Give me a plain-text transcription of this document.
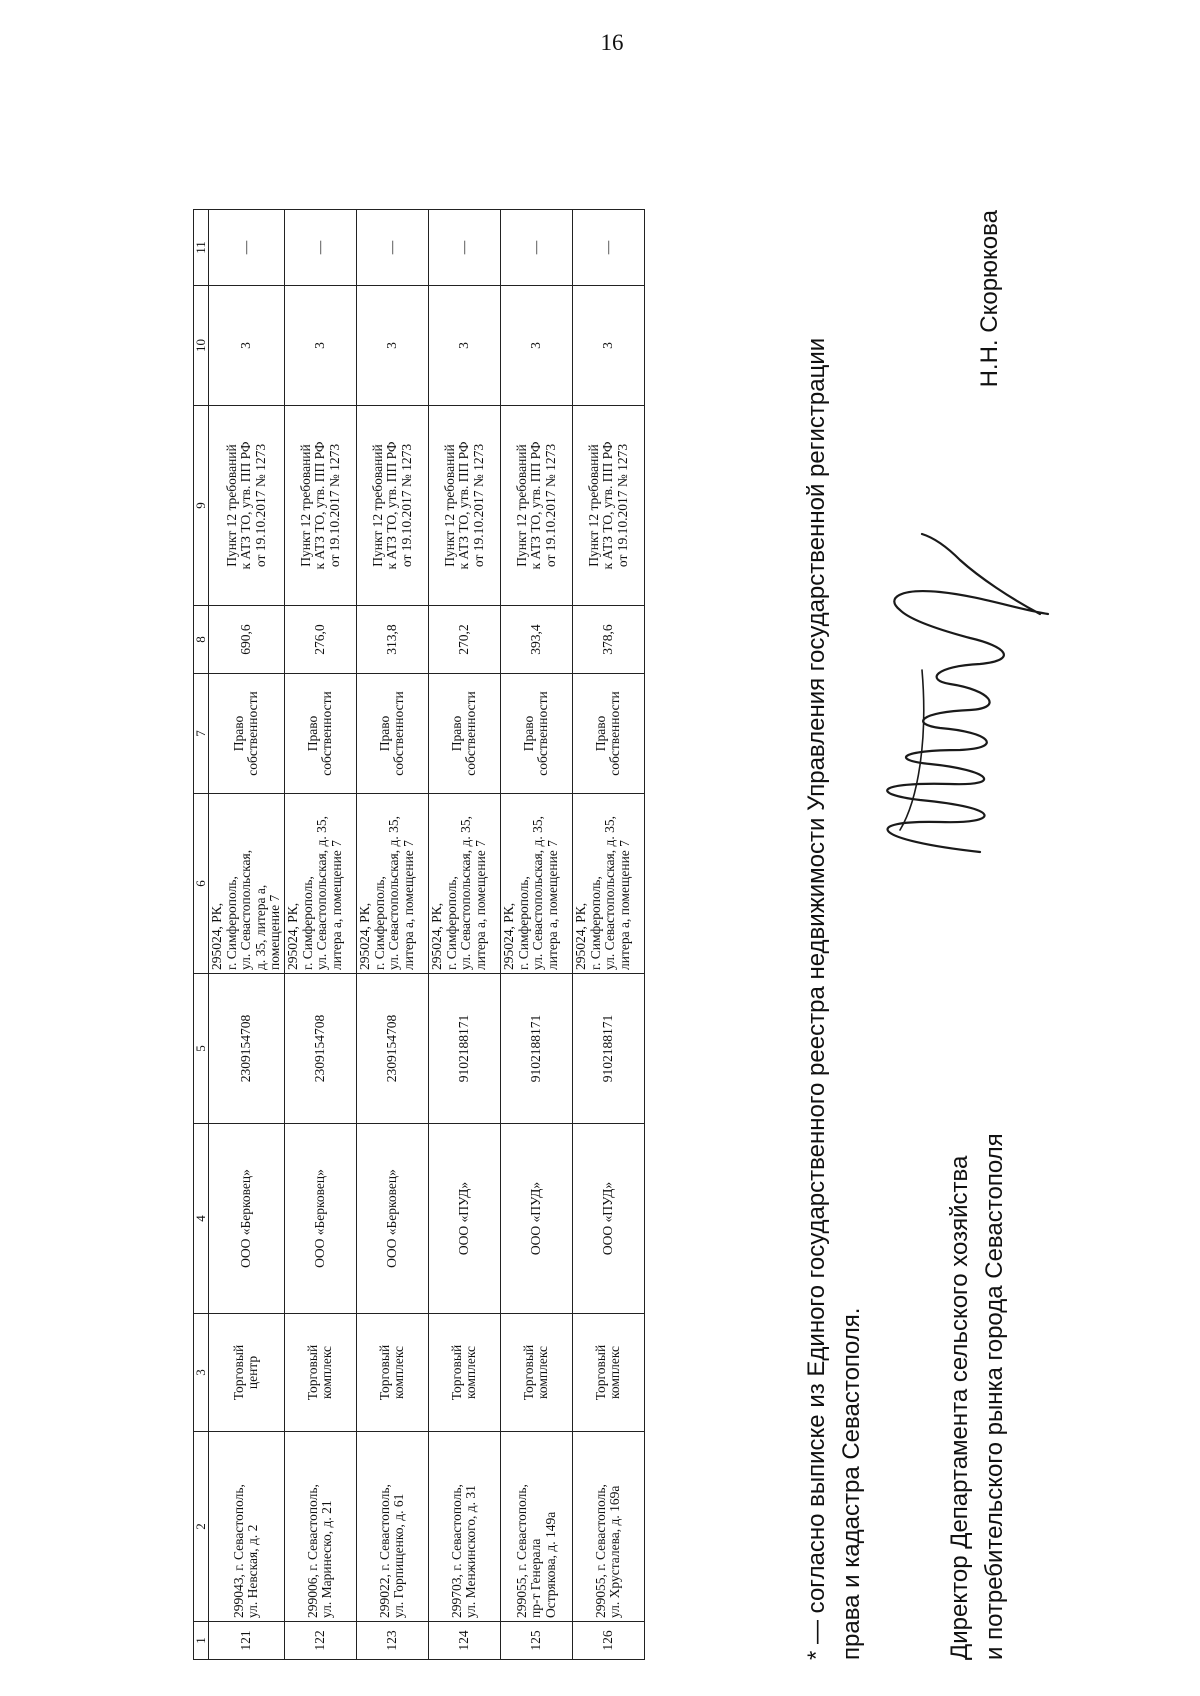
16
1	2	3	4	5	6	7	8	9	10	11
121	299043, г. Севастополь,
ул. Невская, д. 2	Торговый
центр	ООО «Берковец»	2309154708	295024, РК,
г. Симферополь,
ул. Севастопольская,
д. 35, литера а,
помещение 7	Право
собственности	690,6	Пункт 12 требований
к АТЗ ТО, утв. ПП РФ
от 19.10.2017 № 1273	3	—
122	299006, г. Севастополь,
ул. Маринеско, д. 21	Торговый
комплекс	ООО «Берковец»	2309154708	295024, РК,
г. Симферополь,
ул. Севастопольская, д. 35,
литера а, помещение 7	Право
собственности	276,0	Пункт 12 требований
к АТЗ ТО, утв. ПП РФ
от 19.10.2017 № 1273	3	—
123	299022, г. Севастополь,
ул. Горпищенко, д. 61	Торговый
комплекс	ООО «Берковец»	2309154708	295024, РК,
г. Симферополь,
ул. Севастопольская, д. 35,
литера а, помещение 7	Право
собственности	313,8	Пункт 12 требований
к АТЗ ТО, утв. ПП РФ
от 19.10.2017 № 1273	3	—
124	299703, г. Севастополь,
ул. Менжинского, д. 31	Торговый
комплекс	ООО «ПУД»	9102188171	295024, РК,
г. Симферополь,
ул. Севастопольская, д. 35,
литера а, помещение 7	Право
собственности	270,2	Пункт 12 требований
к АТЗ ТО, утв. ПП РФ
от 19.10.2017 № 1273	3	—
125	299055, г. Севастополь,
пр-т Генерала
Острякова, д. 149а	Торговый
комплекс	ООО «ПУД»	9102188171	295024, РК,
г. Симферополь,
ул. Севастопольская, д. 35,
литера а, помещение 7	Право
собственности	393,4	Пункт 12 требований
к АТЗ ТО, утв. ПП РФ
от 19.10.2017 № 1273	3	—
126	299055, г. Севастополь,
ул. Хрусталева, д. 169а	Торговый
комплекс	ООО «ПУД»	9102188171	295024, РК,
г. Симферополь,
ул. Севастопольская, д. 35,
литера а, помещение 7	Право
собственности	378,6	Пункт 12 требований
к АТЗ ТО, утв. ПП РФ
от 19.10.2017 № 1273	3	—
* — согласно выписке из Единого государственного реестра недвижимости Управления государственной регистрации права и кадастра Севастополя.	Директор Департамента сельского хозяйства и потребительского рынка города Севастополя
Н.Н. Скорюкова
